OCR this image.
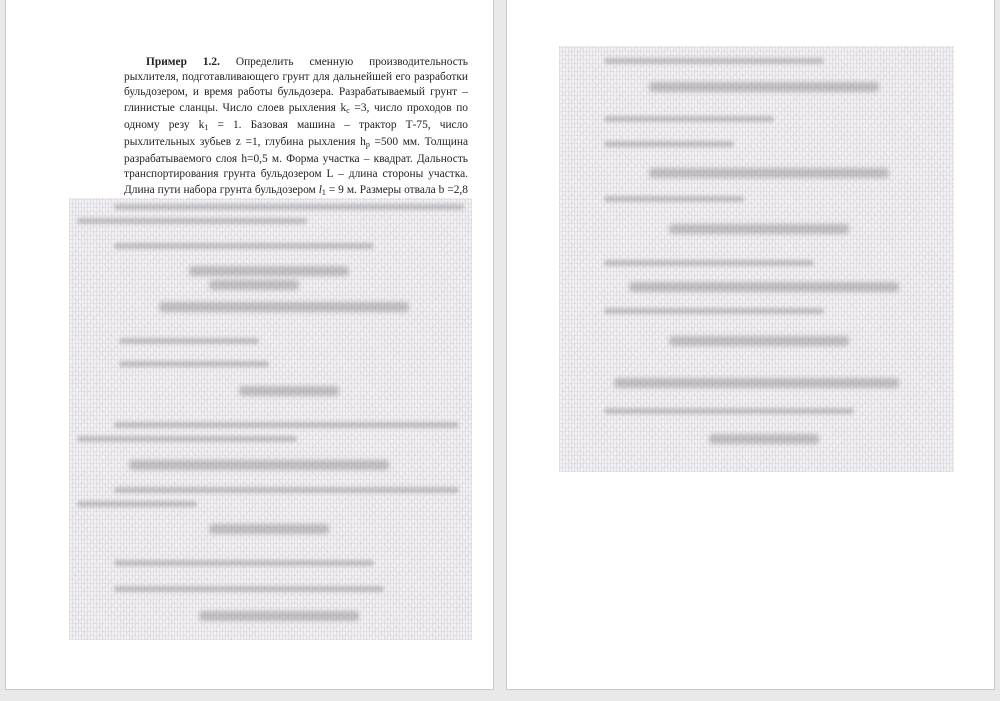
Пример 1.2. Определить сменную производительность рыхлителя, подготавливающего грунт для дальнейшей его разработки бульдозером, и время работы бульдозера. Разрабатываемый грунт – глинистые сланцы. Число слоев рыхления $k_с =3$, число проходов по одному резу $k_1 = 1$. Базовая машина – трактор Т-75, число рыхлительных зубьев z =1, глубина рыхления $h_р =500$ мм. Толщина разрабатываемого слоя h=0,5 м. Форма участка – квадрат. Дальность транспортирования грунта бульдозером L – длина стороны участка. Длина пути набора грунта бульдозером $l_1 = 9$ м. Размеры отвала b =2,8
